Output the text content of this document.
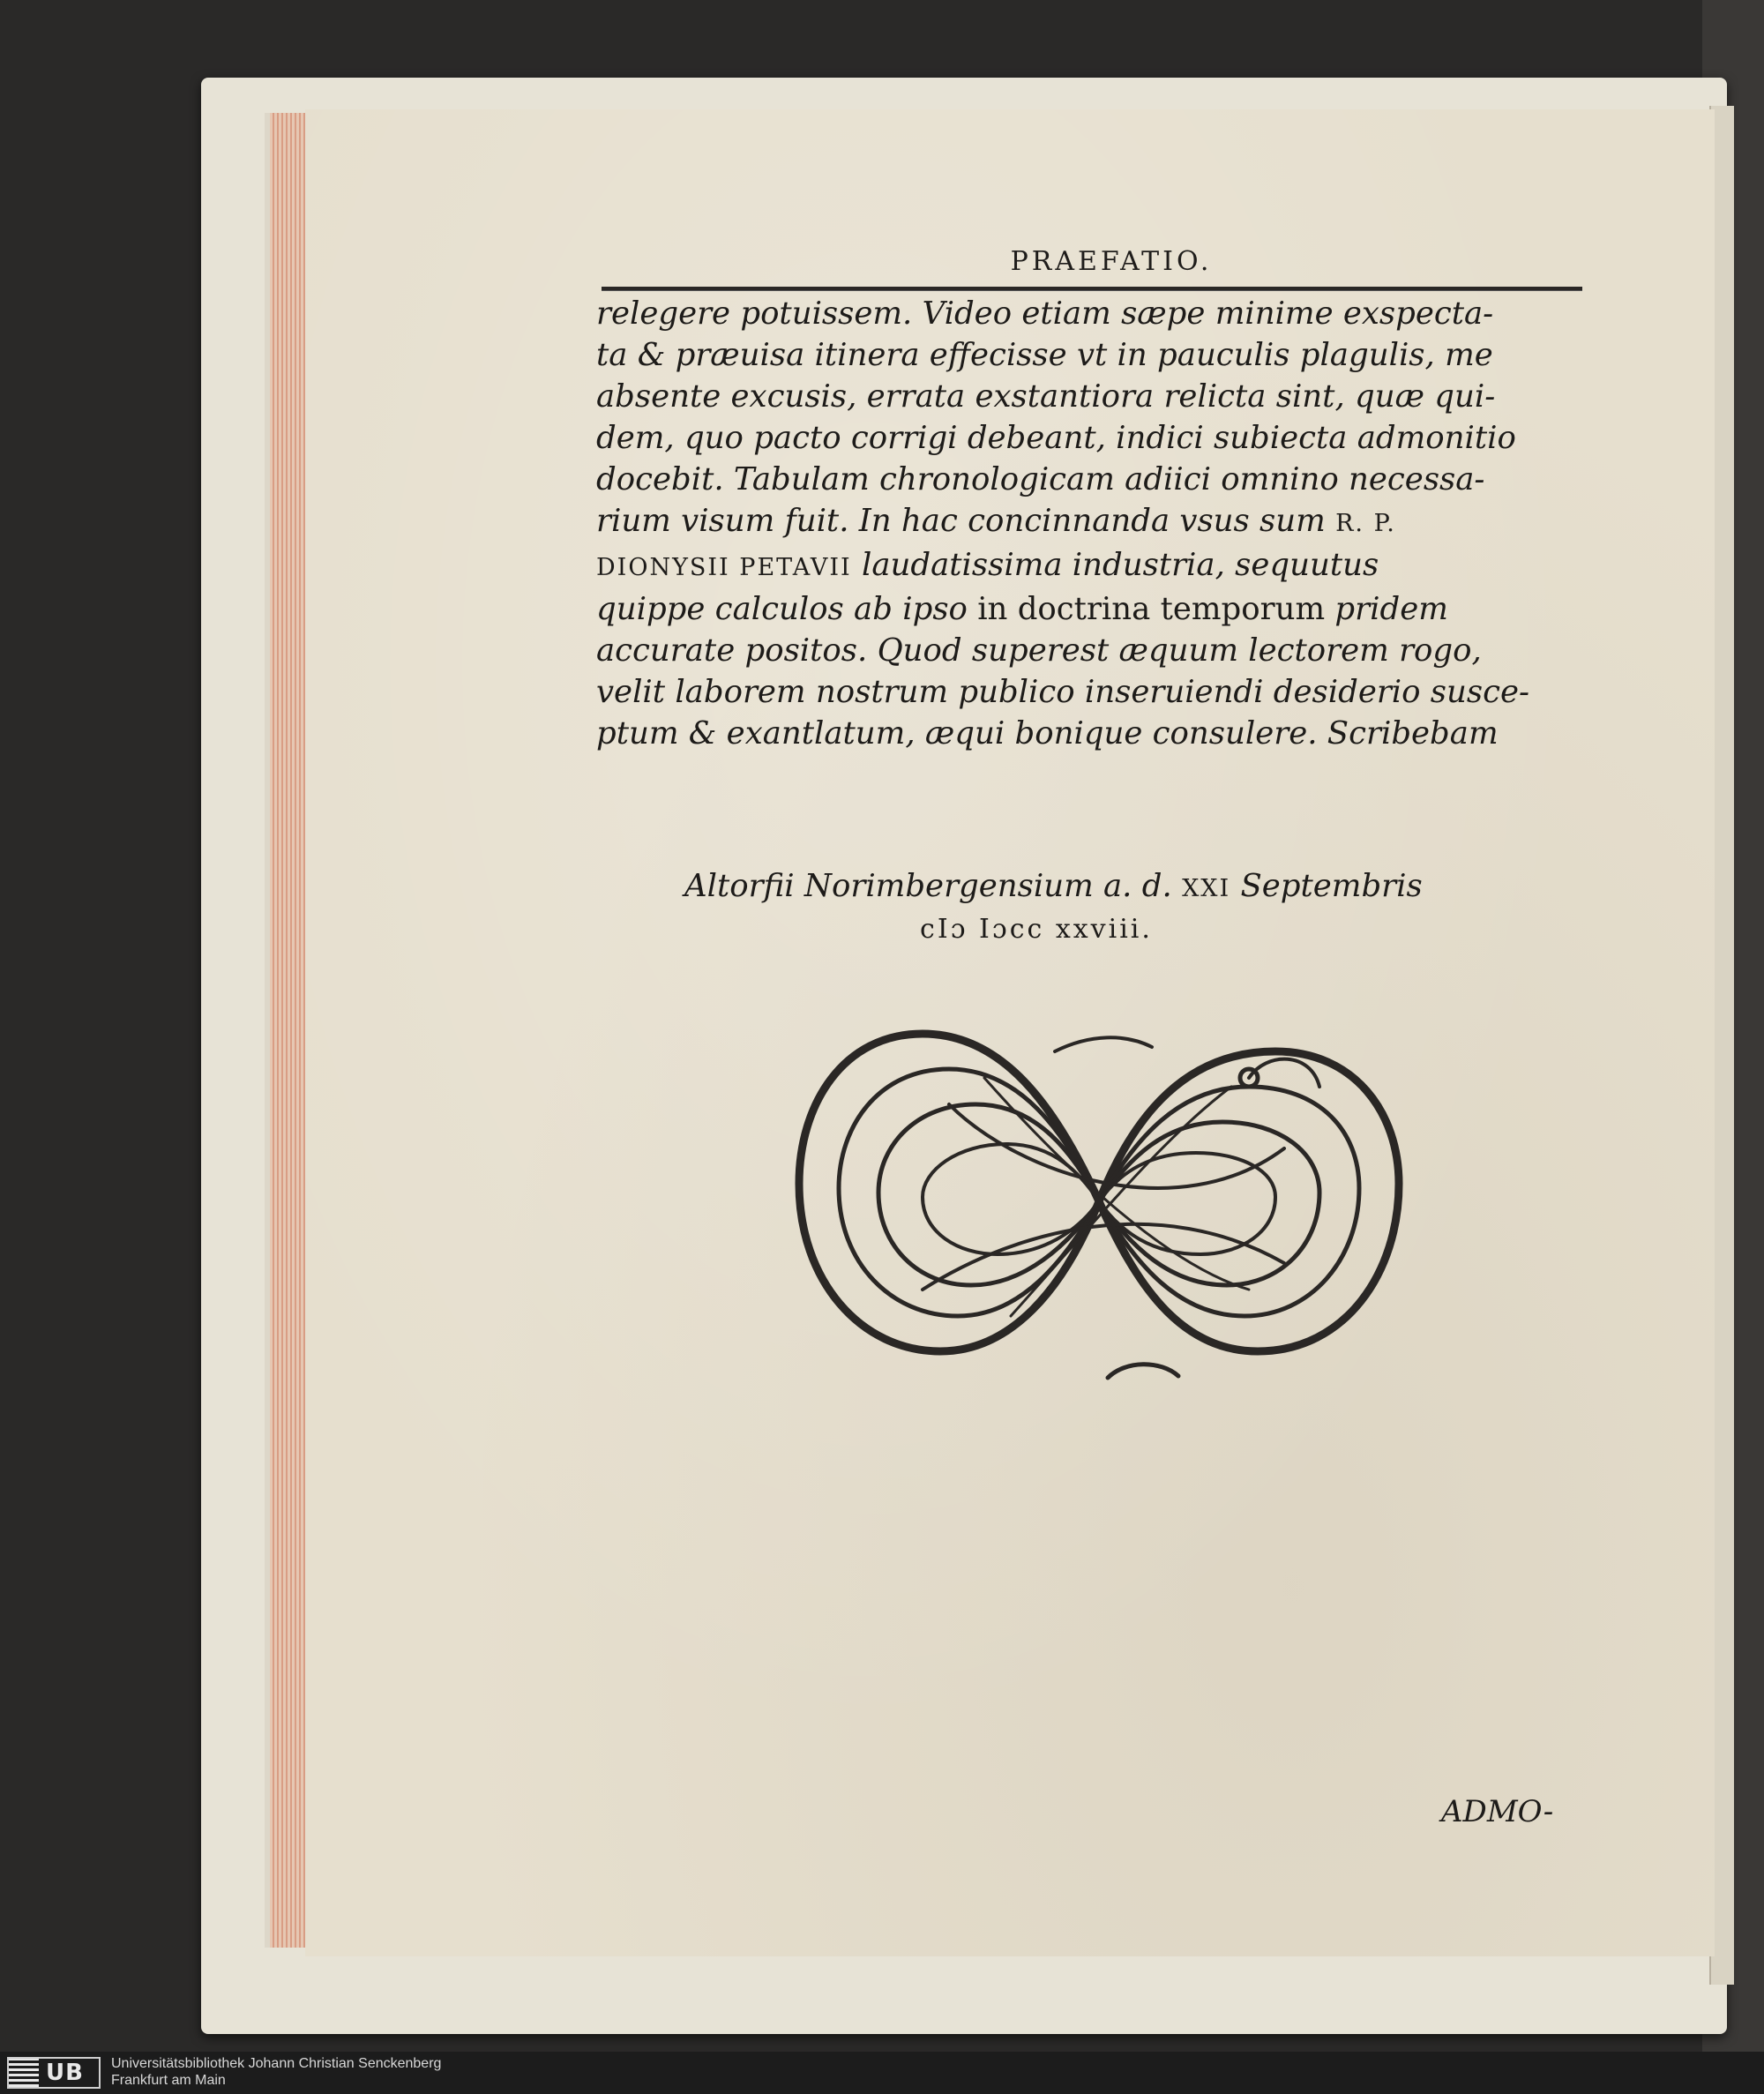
PRAEFATIO.
relegere potuissem. Video etiam sæpe minime exspecta-
ta & præuisa itinera effecisse vt in pauculis plagulis, me
absente excusis, errata exstantiora relicta sint, quæ qui-
dem, quo pacto corrigi debeant, indici subiecta admonitio
docebit. Tabulam chronologicam adiici omnino necessa-
rium visum fuit. In hac concinnanda vsus sum R. P.
DIONYSII PETAVII laudatissima industria, sequutus
quippe calculos ab ipso in doctrina temporum pridem
accurate positos. Quod superest æquum lectorem rogo,
velit laborem nostrum publico inseruiendi desiderio susce-
ptum & exantlatum, æqui bonique consulere. Scribebam
Altorfii Norimbergensium a. d. XXI Septembris
cIɔ Iɔcc xxviii.
ADMO-
UB Universitätsbibliothek Johann Christian Senckenberg
Frankfurt am Main
